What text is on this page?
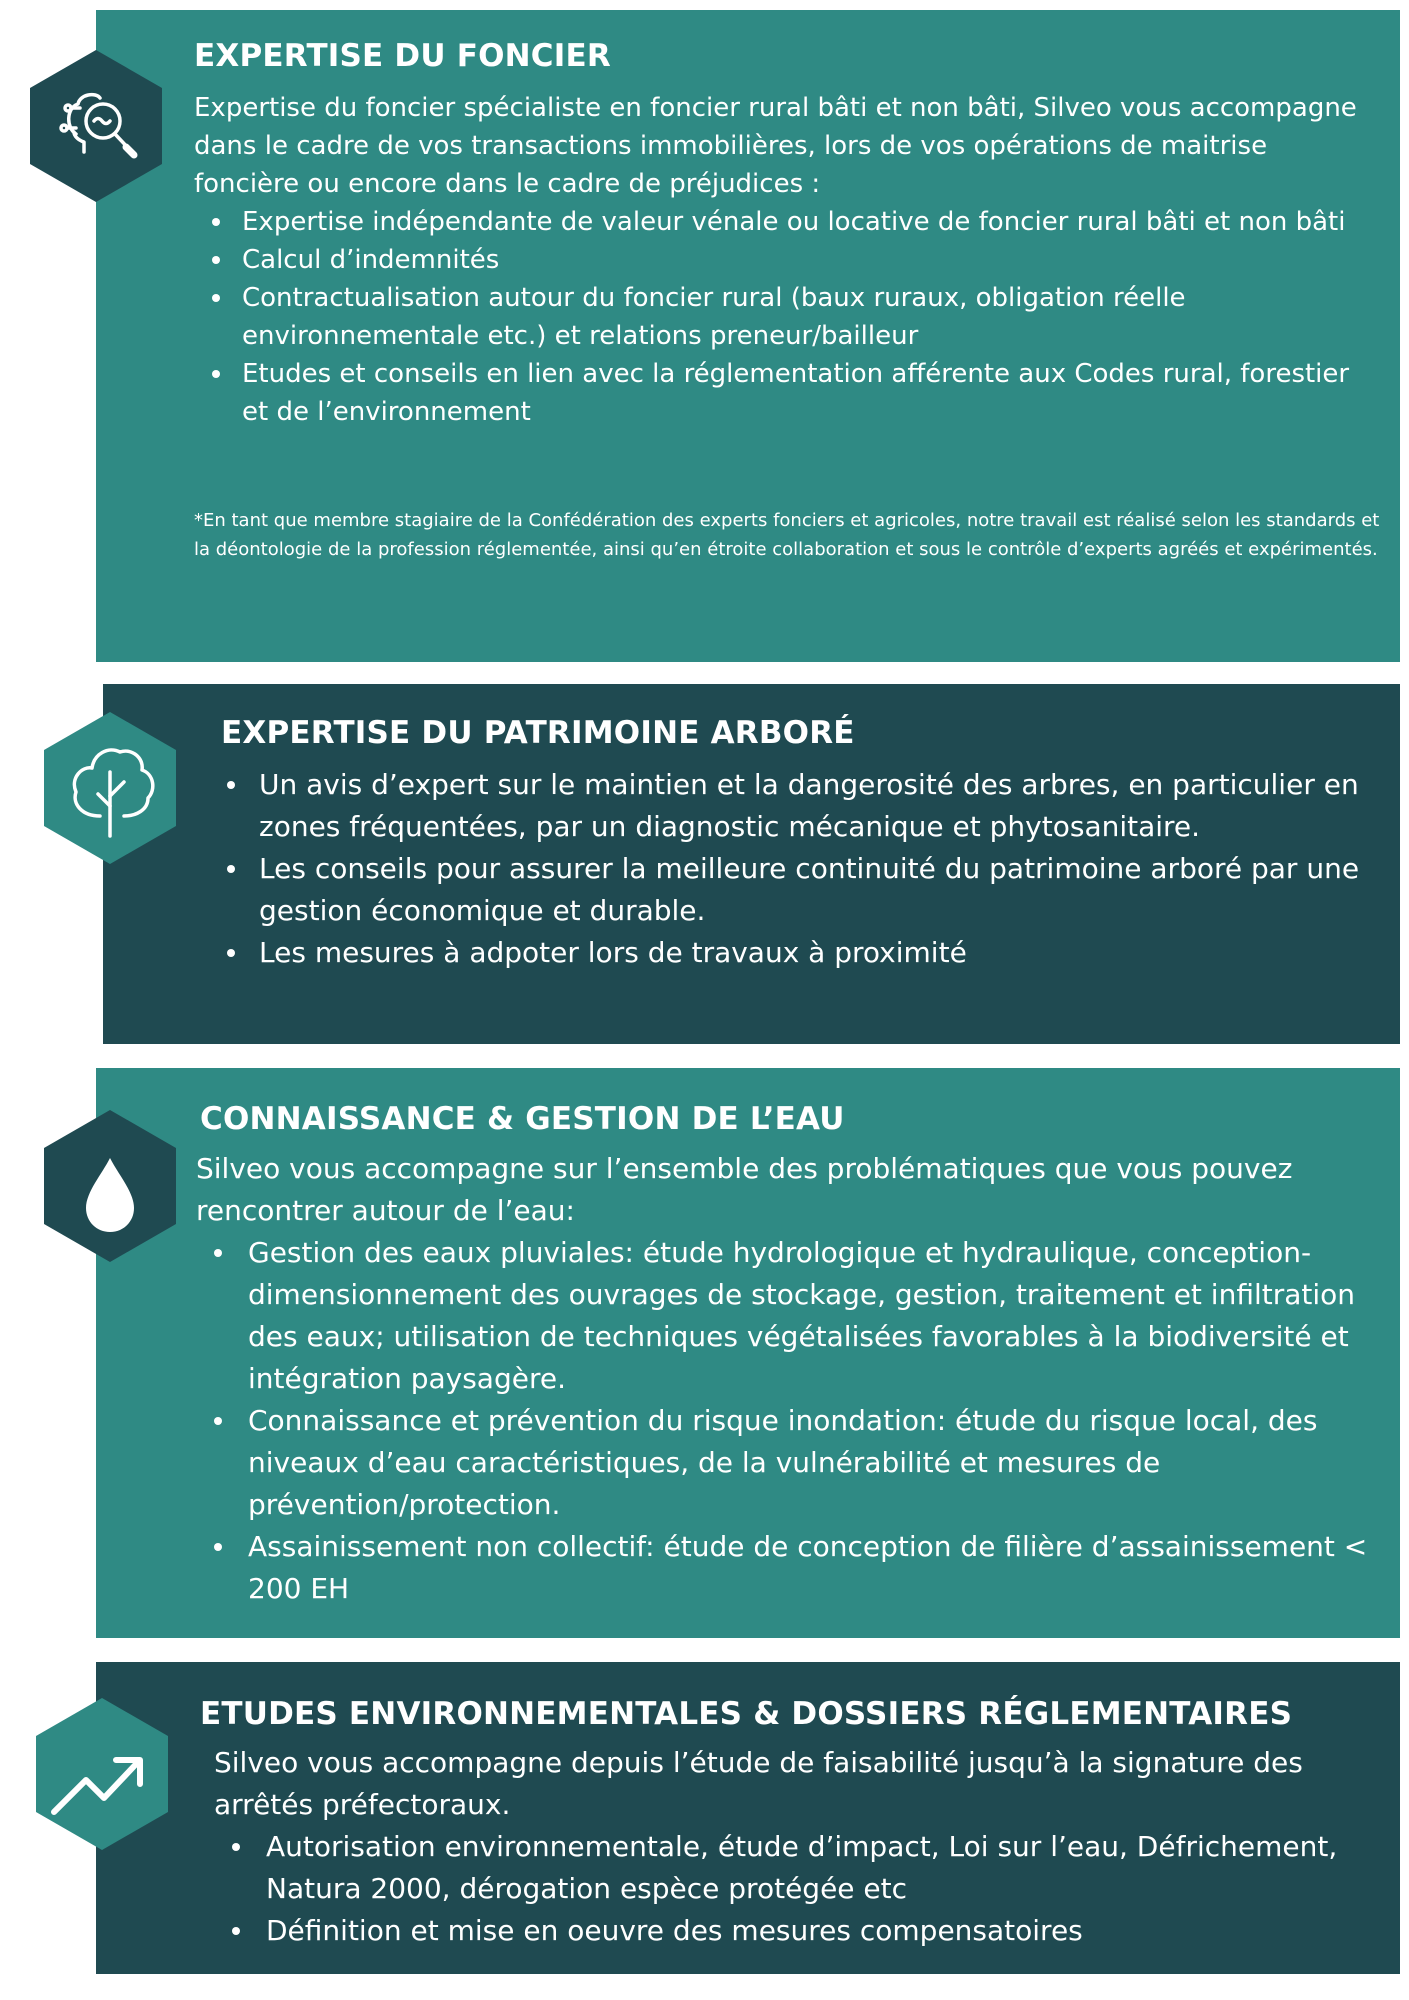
EXPERTISE DU FONCIER

Expertise du foncier spécialiste en foncier rural bâti et non bâti, Silveo vous accompagne dans le cadre de vos transactions immobilières, lors de vos opérations de maitrise foncière ou encore dans le cadre de préjudices :

Expertise indépendante de valeur vénale ou locative de foncier rural bâti et non bâti
Calcul d’indemnités
Contractualisation autour du foncier rural (baux ruraux, obligation réelle environnementale etc.) et relations preneur/bailleur
Etudes et conseils en lien avec la réglementation afférente aux Codes rural, forestier et de l’environnement
*En tant que membre stagiaire de la Confédération des experts fonciers et agricoles, notre travail est réalisé selon les standards et la déontologie de la profession réglementée, ainsi qu’en étroite collaboration et sous le contrôle d’experts agréés et expérimentés.
EXPERTISE DU PATRIMOINE ARBORÉ
Un avis d’expert sur le maintien et la dangerosité des arbres, en particulier en zones fréquentées, par un diagnostic mécanique et phytosanitaire.
Les conseils pour assurer la meilleure continuité du patrimoine arboré par une gestion économique et durable.
Les mesures à adpoter lors de travaux à proximité
CONNAISSANCE & GESTION DE L’EAU

Silveo vous accompagne sur l’ensemble des problématiques que vous pouvez rencontrer autour de l’eau:

Gestion des eaux pluviales: étude hydrologique et hydraulique, conception-dimensionnement des ouvrages de stockage, gestion, traitement et infiltration des eaux; utilisation de techniques végétalisées favorables à la biodiversité et intégration paysagère.
Connaissance et prévention du risque inondation: étude du risque local, des niveaux d’eau caractéristiques, de la vulnérabilité et mesures de prévention/protection.
Assainissement non collectif: étude de conception de filière d’assainissement < 200 EH
ETUDES ENVIRONNEMENTALES & DOSSIERS RÉGLEMENTAIRES

Silveo vous accompagne depuis l’étude de faisabilité jusqu’à la signature des arrêtés préfectoraux.

Autorisation environnementale, étude d’impact, Loi sur l’eau, Défrichement, Natura 2000, dérogation espèce protégée etc
Définition et mise en oeuvre des mesures compensatoires
